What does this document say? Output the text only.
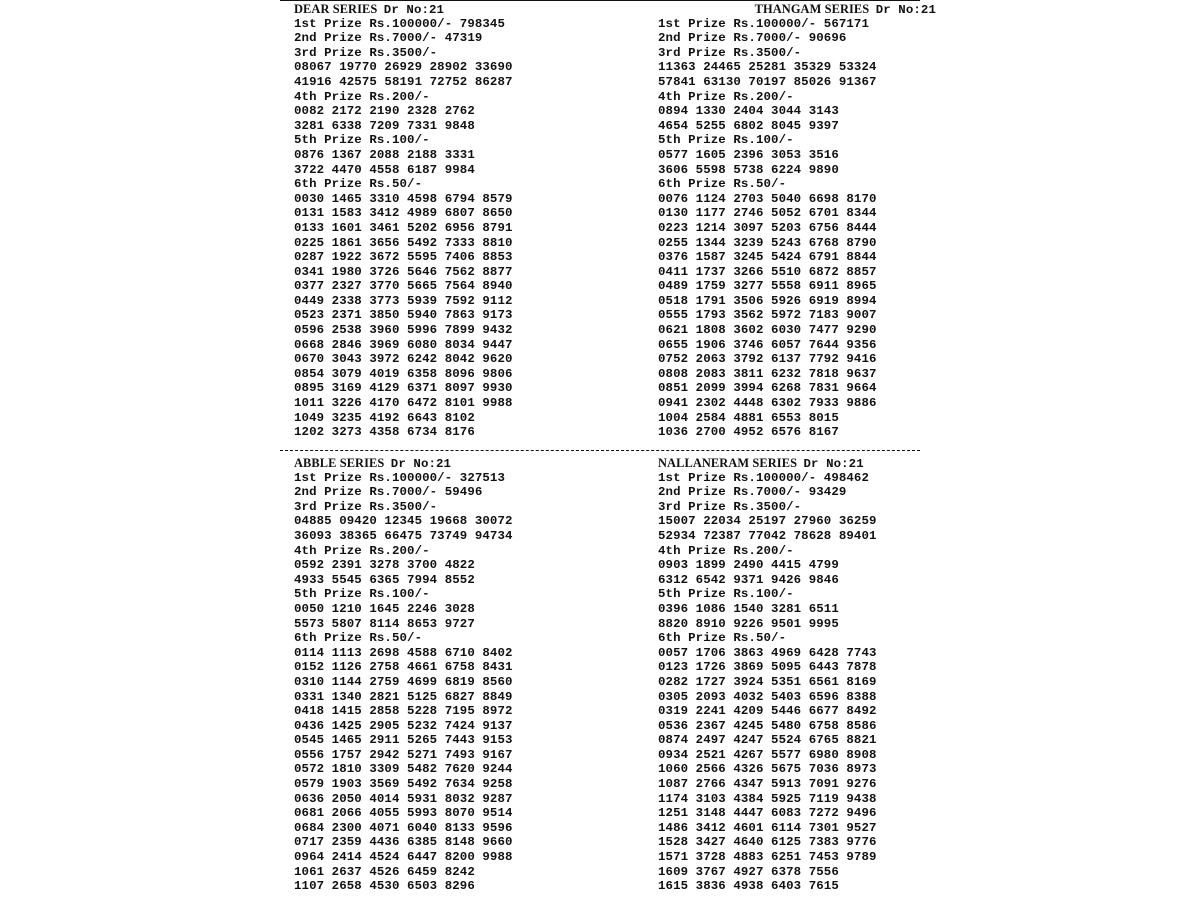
DEAR SERIES Dr No:21
1st Prize Rs.100000/- 798345
2nd Prize Rs.7000/- 47319
3rd Prize Rs.3500/-
08067 19770 26929 28902 33690
41916 42575 58191 72752 86287
4th Prize Rs.200/-
0082 2172 2190 2328 2762
3281 6338 7209 7331 9848
5th Prize Rs.100/-
0876 1367 2088 2188 3331
3722 4470 4558 6187 9984
6th Prize Rs.50/-
0030 1465 3310 4598 6794 8579
0131 1583 3412 4989 6807 8650
0133 1601 3461 5202 6956 8791
0225 1861 3656 5492 7333 8810
0287 1922 3672 5595 7406 8853
0341 1980 3726 5646 7562 8877
0377 2327 3770 5665 7564 8940
0449 2338 3773 5939 7592 9112
0523 2371 3850 5940 7863 9173
0596 2538 3960 5996 7899 9432
0668 2846 3969 6080 8034 9447
0670 3043 3972 6242 8042 9620
0854 3079 4019 6358 8096 9806
0895 3169 4129 6371 8097 9930
1011 3226 4170 6472 8101 9988
1049 3235 4192 6643 8102
1202 3273 4358 6734 8176
THANGAM SERIES Dr No:21
1st Prize Rs.100000/- 567171
2nd Prize Rs.7000/- 90696
3rd Prize Rs.3500/-
11363 24465 25281 35329 53324
57841 63130 70197 85026 91367
4th Prize Rs.200/-
0894 1330 2404 3044 3143
4654 5255 6802 8045 9397
5th Prize Rs.100/-
0577 1605 2396 3053 3516
3606 5598 5738 6224 9890
6th Prize Rs.50/-
0076 1124 2703 5040 6698 8170
0130 1177 2746 5052 6701 8344
0223 1214 3097 5203 6756 8444
0255 1344 3239 5243 6768 8790
0376 1587 3245 5424 6791 8844
0411 1737 3266 5510 6872 8857
0489 1759 3277 5558 6911 8965
0518 1791 3506 5926 6919 8994
0555 1793 3562 5972 7183 9007
0621 1808 3602 6030 7477 9290
0655 1906 3746 6057 7644 9356
0752 2063 3792 6137 7792 9416
0808 2083 3811 6232 7818 9637
0851 2099 3994 6268 7831 9664
0941 2302 4448 6302 7933 9886
1004 2584 4881 6553 8015
1036 2700 4952 6576 8167
ABBLE SERIES Dr No:21
1st Prize Rs.100000/- 327513
2nd Prize Rs.7000/- 59496
3rd Prize Rs.3500/-
04885 09420 12345 19668 30072
36093 38365 66475 73749 94734
4th Prize Rs.200/-
0592 2391 3278 3700 4822
4933 5545 6365 7994 8552
5th Prize Rs.100/-
0050 1210 1645 2246 3028
5573 5807 8114 8653 9727
6th Prize Rs.50/-
0114 1113 2698 4588 6710 8402
0152 1126 2758 4661 6758 8431
0310 1144 2759 4699 6819 8560
0331 1340 2821 5125 6827 8849
0418 1415 2858 5228 7195 8972
0436 1425 2905 5232 7424 9137
0545 1465 2911 5265 7443 9153
0556 1757 2942 5271 7493 9167
0572 1810 3309 5482 7620 9244
0579 1903 3569 5492 7634 9258
0636 2050 4014 5931 8032 9287
0681 2066 4055 5993 8070 9514
0684 2300 4071 6040 8133 9596
0717 2359 4436 6385 8148 9660
0964 2414 4524 6447 8200 9988
1061 2637 4526 6459 8242
1107 2658 4530 6503 8296
NALLANERAM SERIES Dr No:21
1st Prize Rs.100000/- 498462
2nd Prize Rs.7000/- 93429
3rd Prize Rs.3500/-
15007 22034 25197 27960 36259
52934 72387 77042 78628 89401
4th Prize Rs.200/-
0903 1899 2490 4415 4799
6312 6542 9371 9426 9846
5th Prize Rs.100/-
0396 1086 1540 3281 6511
8820 8910 9226 9501 9995
6th Prize Rs.50/-
0057 1706 3863 4969 6428 7743
0123 1726 3869 5095 6443 7878
0282 1727 3924 5351 6561 8169
0305 2093 4032 5403 6596 8388
0319 2241 4209 5446 6677 8492
0536 2367 4245 5480 6758 8586
0874 2497 4247 5524 6765 8821
0934 2521 4267 5577 6980 8908
1060 2566 4326 5675 7036 8973
1087 2766 4347 5913 7091 9276
1174 3103 4384 5925 7119 9438
1251 3148 4447 6083 7272 9496
1486 3412 4601 6114 7301 9527
1528 3427 4640 6125 7383 9776
1571 3728 4883 6251 7453 9789
1609 3767 4927 6378 7556
1615 3836 4938 6403 7615
